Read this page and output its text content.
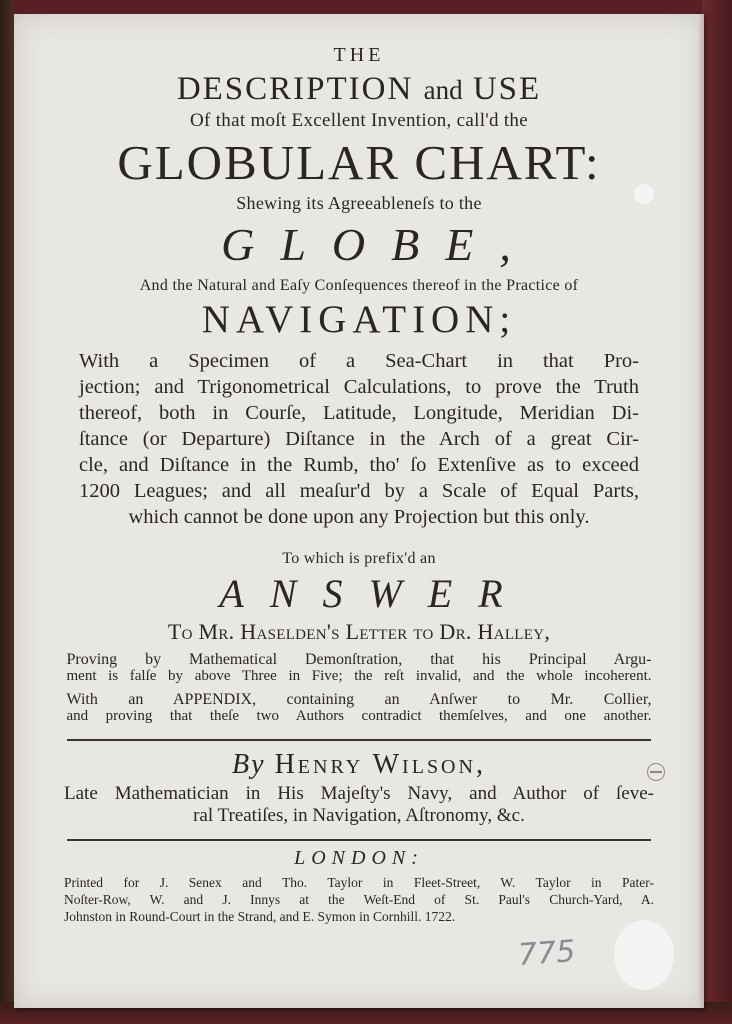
THE
DESCRIPTION and USE
Of that moſt Excellent Invention, call'd the
GLOBULAR CHART:
Shewing its Agreeableneſs to the
GLOBE,
And the Natural and Eaſy Conſequences thereof in the Practice of
NAVIGATION;
With a Specimen of a Sea-Chart in that Pro-
jection; and Trigonometrical Calculations, to prove the Truth
thereof, both in Courſe, Latitude, Longitude, Meridian Di-
ſtance (or Departure) Diſtance in the Arch of a great Cir-
cle, and Diſtance in the Rumb, tho' ſo Extenſive as to exceed
1200 Leagues; and all meaſur'd by a Scale of Equal Parts,
which cannot be done upon any Projection but this only.
To which is prefix'd an
ANSWER
To Mr. Haselden's Letter to Dr. Halley,
Proving by Mathematical Demonſtration, that his Principal Argu-
ment is falſe by above Three in Five; the reſt invalid, and the whole incoherent.
With an APPENDIX, containing an Anſwer to Mr. Collier,
and proving that theſe two Authors contradict themſelves, and one another.
By Henry Wilson,
Late Mathematician in His Majeſty's Navy, and Author of ſeve-
ral Treatiſes, in Navigation, Aſtronomy, &c.
LONDON:
Printed for J. Senex and Tho. Taylor in Fleet-Street, W. Taylor in Pater-
Noſter-Row, W. and J. Innys at the Weſt-End of St. Paul's Church-Yard, A.
Johnston in Round-Court in the Strand, and E. Symon in Cornhill. 1722.
775
